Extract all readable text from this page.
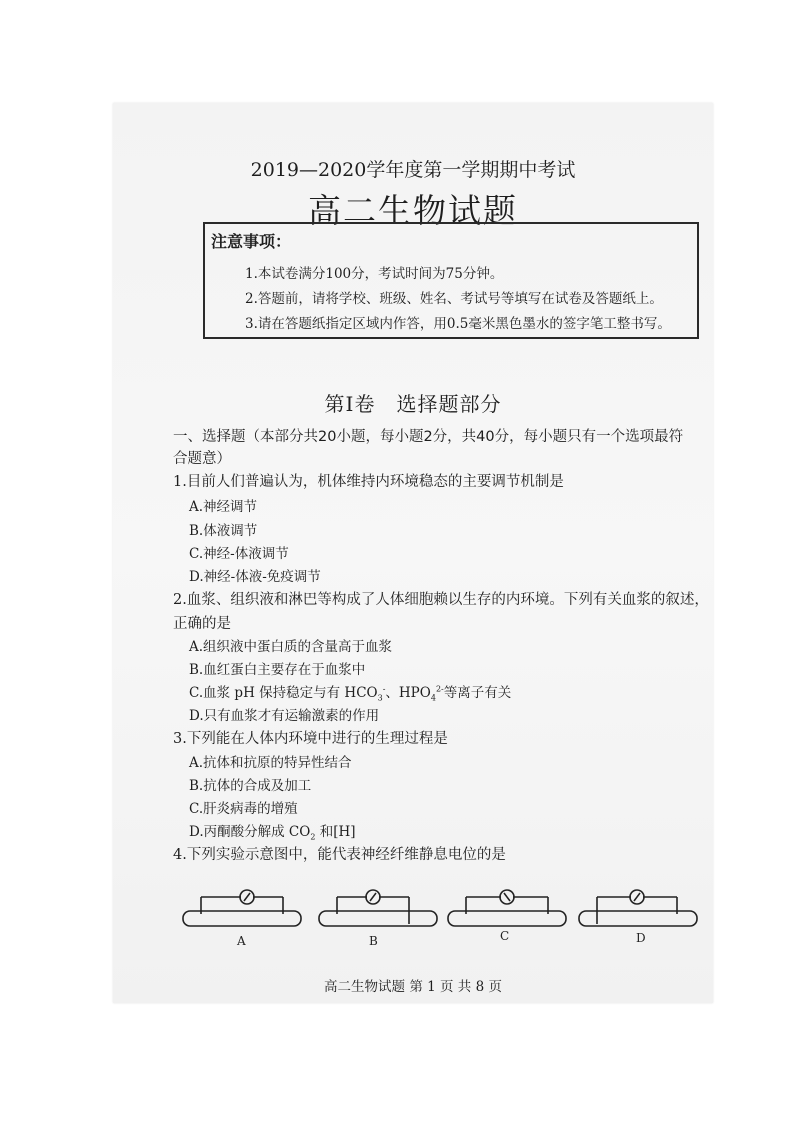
2019—2020学年度第一学期期中考试
高二生物试题
注意事项：
1.本试卷满分100分，考试时间为75分钟。
2.答题前，请将学校、班级、姓名、考试号等填写在试卷及答题纸上。
3.请在答题纸指定区域内作答，用0.5毫米黑色墨水的签字笔工整书写。
第Ⅰ卷　选择题部分
一、选择题（本部分共20小题，每小题2分，共40分，每小题只有一个选项最符
合题意）
1.目前人们普遍认为，机体维持内环境稳态的主要调节机制是
A.神经调节
B.体液调节
C.神经-体液调节
D.神经-体液-免疫调节
2.血浆、组织液和淋巴等构成了人体细胞赖以生存的内环境。下列有关血浆的叙述，
正确的是
A.组织液中蛋白质的含量高于血浆
B.血红蛋白主要存在于血浆中
C.血浆 pH 保持稳定与有 $HCO_3^-$、$HPO_4^{2-}$等离子有关
D.只有血浆才有运输激素的作用
3.下列能在人体内环境中进行的生理过程是
A.抗体和抗原的特异性结合
B.抗体的合成及加工
C.肝炎病毒的增殖
D.丙酮酸分解成 $CO_2$ 和[H]
4.下列实验示意图中，能代表神经纤维静息电位的是
A	B	C	D
高二生物试题 第 1 页 共 8 页
